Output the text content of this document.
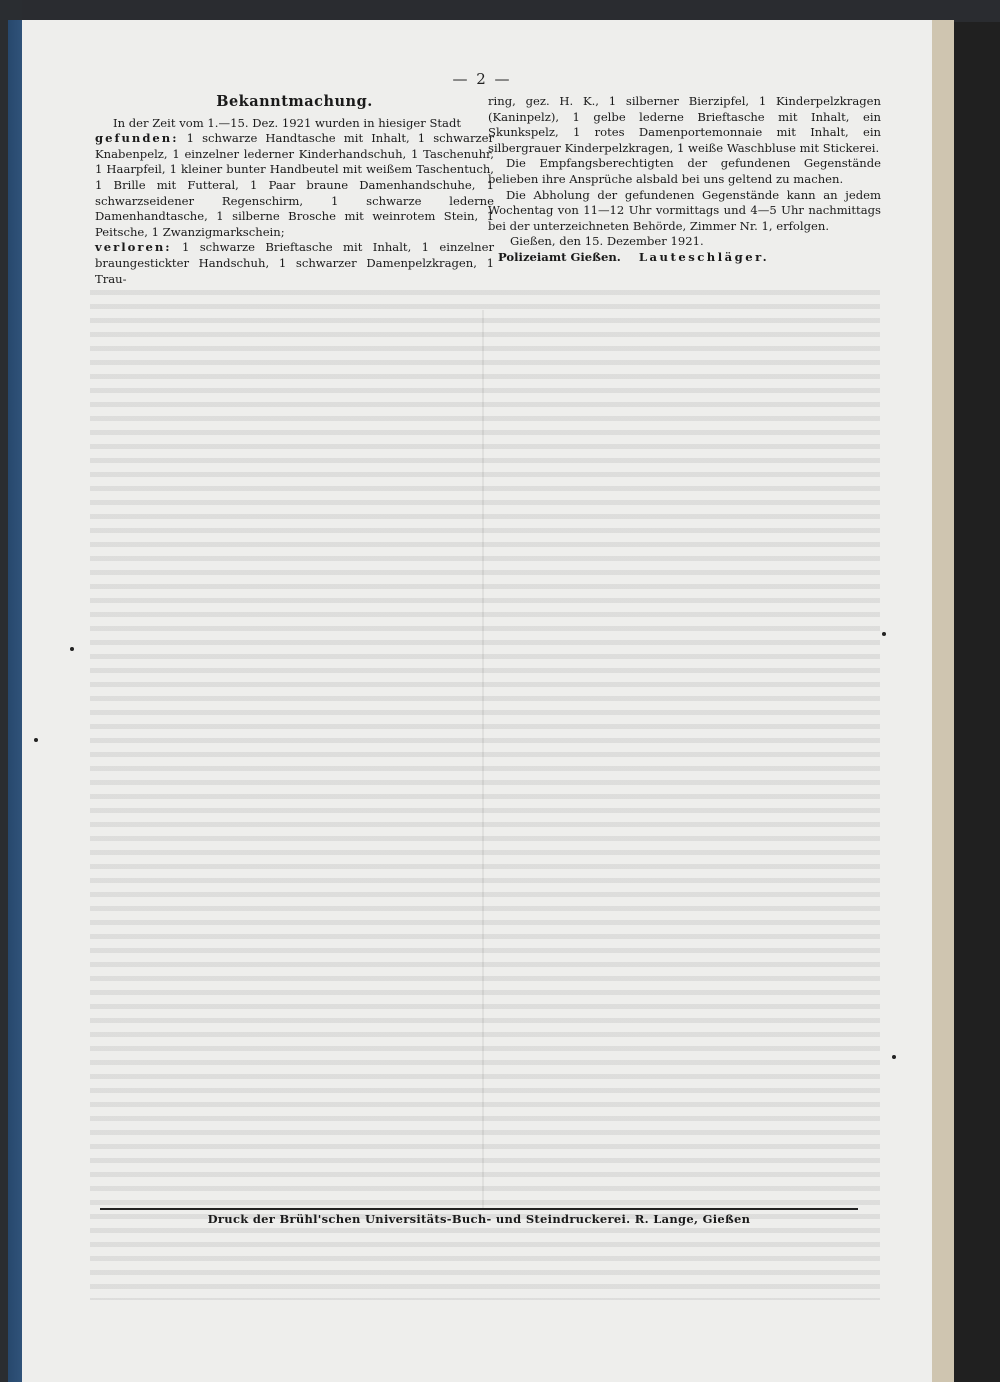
— 2 —

Bekanntmachung.

In der Zeit vom 1.—15. Dez. 1921 wurden in hiesiger Stadt

gefunden: 1 schwarze Handtasche mit Inhalt, 1 schwarzer Knabenpelz, 1 einzelner lederner Kinderhandschuh, 1 Taschenuhr, 1 Haarpfeil, 1 kleiner bunter Handbeutel mit weißem Taschentuch, 1 Brille mit Futteral, 1 Paar braune Damenhandschuhe, 1 schwarzseidener Regenschirm, 1 schwarze lederne Damenhandtasche, 1 silberne Brosche mit weinrotem Stein, 1 Peitsche, 1 Zwanzigmarkschein;

verloren: 1 schwarze Brieftasche mit Inhalt, 1 einzelner braungestickter Handschuh, 1 schwarzer Damenpelzkragen, 1 Trau-

ring, gez. H. K., 1 silberner Bierzipfel, 1 Kinderpelzkragen (Kaninpelz), 1 gelbe lederne Brieftasche mit Inhalt, ein Skunkspelz, 1 rotes Damenportemonnaie mit Inhalt, ein silbergrauer Kinderpelzkragen, 1 weiße Waschbluse mit Stickerei.

Die Empfangsberechtigten der gefundenen Gegenstände belieben ihre Ansprüche alsbald bei uns geltend zu machen.

Die Abholung der gefundenen Gegenstände kann an jedem Wochentag von 11—12 Uhr vormittags und 4—5 Uhr nachmittags bei der unterzeichneten Behörde, Zimmer Nr. 1, erfolgen.

Gießen, den 15. Dezember 1921.

Polizeiamt Gießen. Lauteschläger.

Druck der Brühl'schen Universitäts-Buch- und Steindruckerei. R. Lange, Gießen
